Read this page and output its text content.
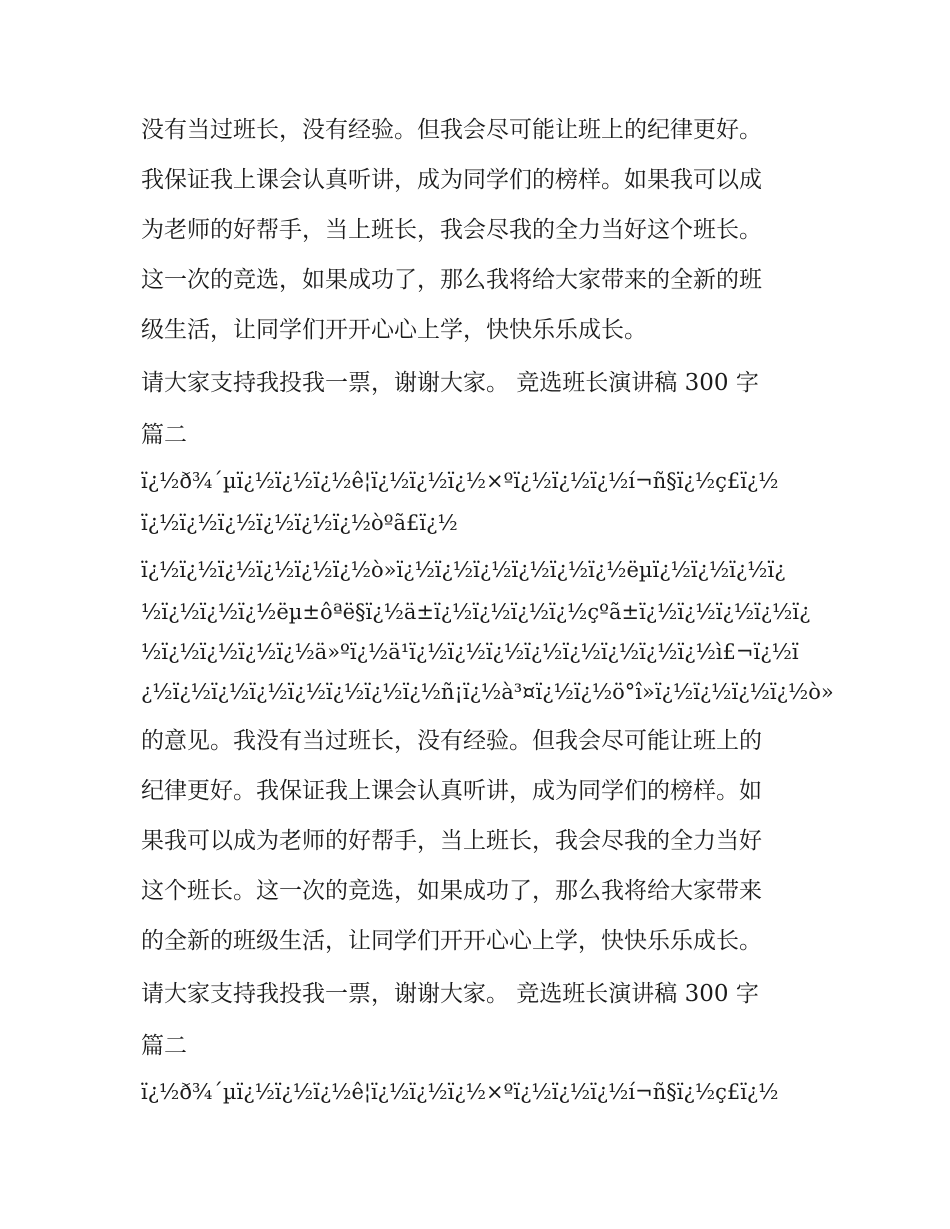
没有当过班长，没有经验。但我会尽可能让班上的纪律更好。
我保证我上课会认真听讲，成为同学们的榜样。如果我可以成
为老师的好帮手，当上班长，我会尽我的全力当好这个班长。
这一次的竞选，如果成功了，那么我将给大家带来的全新的班
级生活，让同学们开开心心上学，快快乐乐成长。
请大家支持我投我一票，谢谢大家。 竞选班长演讲稿 300 字
篇二
ï¿½ð¾´µï¿½ï¿½ï¿½ê¦ï¿½ï¿½ï¿½×ºï¿½ï¿½ï¿½í¬ñ§ï¿½ç£ï¿½
ï¿½ï¿½ï¿½ï¿½ï¿½ï¿½òºã£ï¿½
ï¿½ï¿½ï¿½ï¿½ï¿½ï¿½ò»ï¿½ï¿½ï¿½ï¿½ï¿½ï¿½ëµï¿½ï¿½ï¿½ï¿
½ï¿½ï¿½ï¿½ëµ±ôªë§ï¿½ä±ï¿½ï¿½ï¿½ï¿½çºã±ï¿½ï¿½ï¿½ï¿½ï¿
½ï¿½ï¿½ï¿½ï¿½ä»ºï¿½ä¹ï¿½ï¿½ï¿½ï¿½ï¿½ï¿½ï¿½ï¿½ì£¬ï¿½ï
¿½ï¿½ï¿½ï¿½ï¿½ï¿½ï¿½ï¿½ñ¡ï¿½à³¤ï¿½ï¿½ö°î»ï¿½ï¿½ï¿½ï¿½ò»
的意见。我没有当过班长，没有经验。但我会尽可能让班上的
纪律更好。我保证我上课会认真听讲，成为同学们的榜样。如
果我可以成为老师的好帮手，当上班长，我会尽我的全力当好
这个班长。这一次的竞选，如果成功了，那么我将给大家带来
的全新的班级生活，让同学们开开心心上学，快快乐乐成长。
请大家支持我投我一票，谢谢大家。 竞选班长演讲稿 300 字
篇二
ï¿½ð¾´µï¿½ï¿½ï¿½ê¦ï¿½ï¿½ï¿½×ºï¿½ï¿½ï¿½í¬ñ§ï¿½ç£ï¿½
